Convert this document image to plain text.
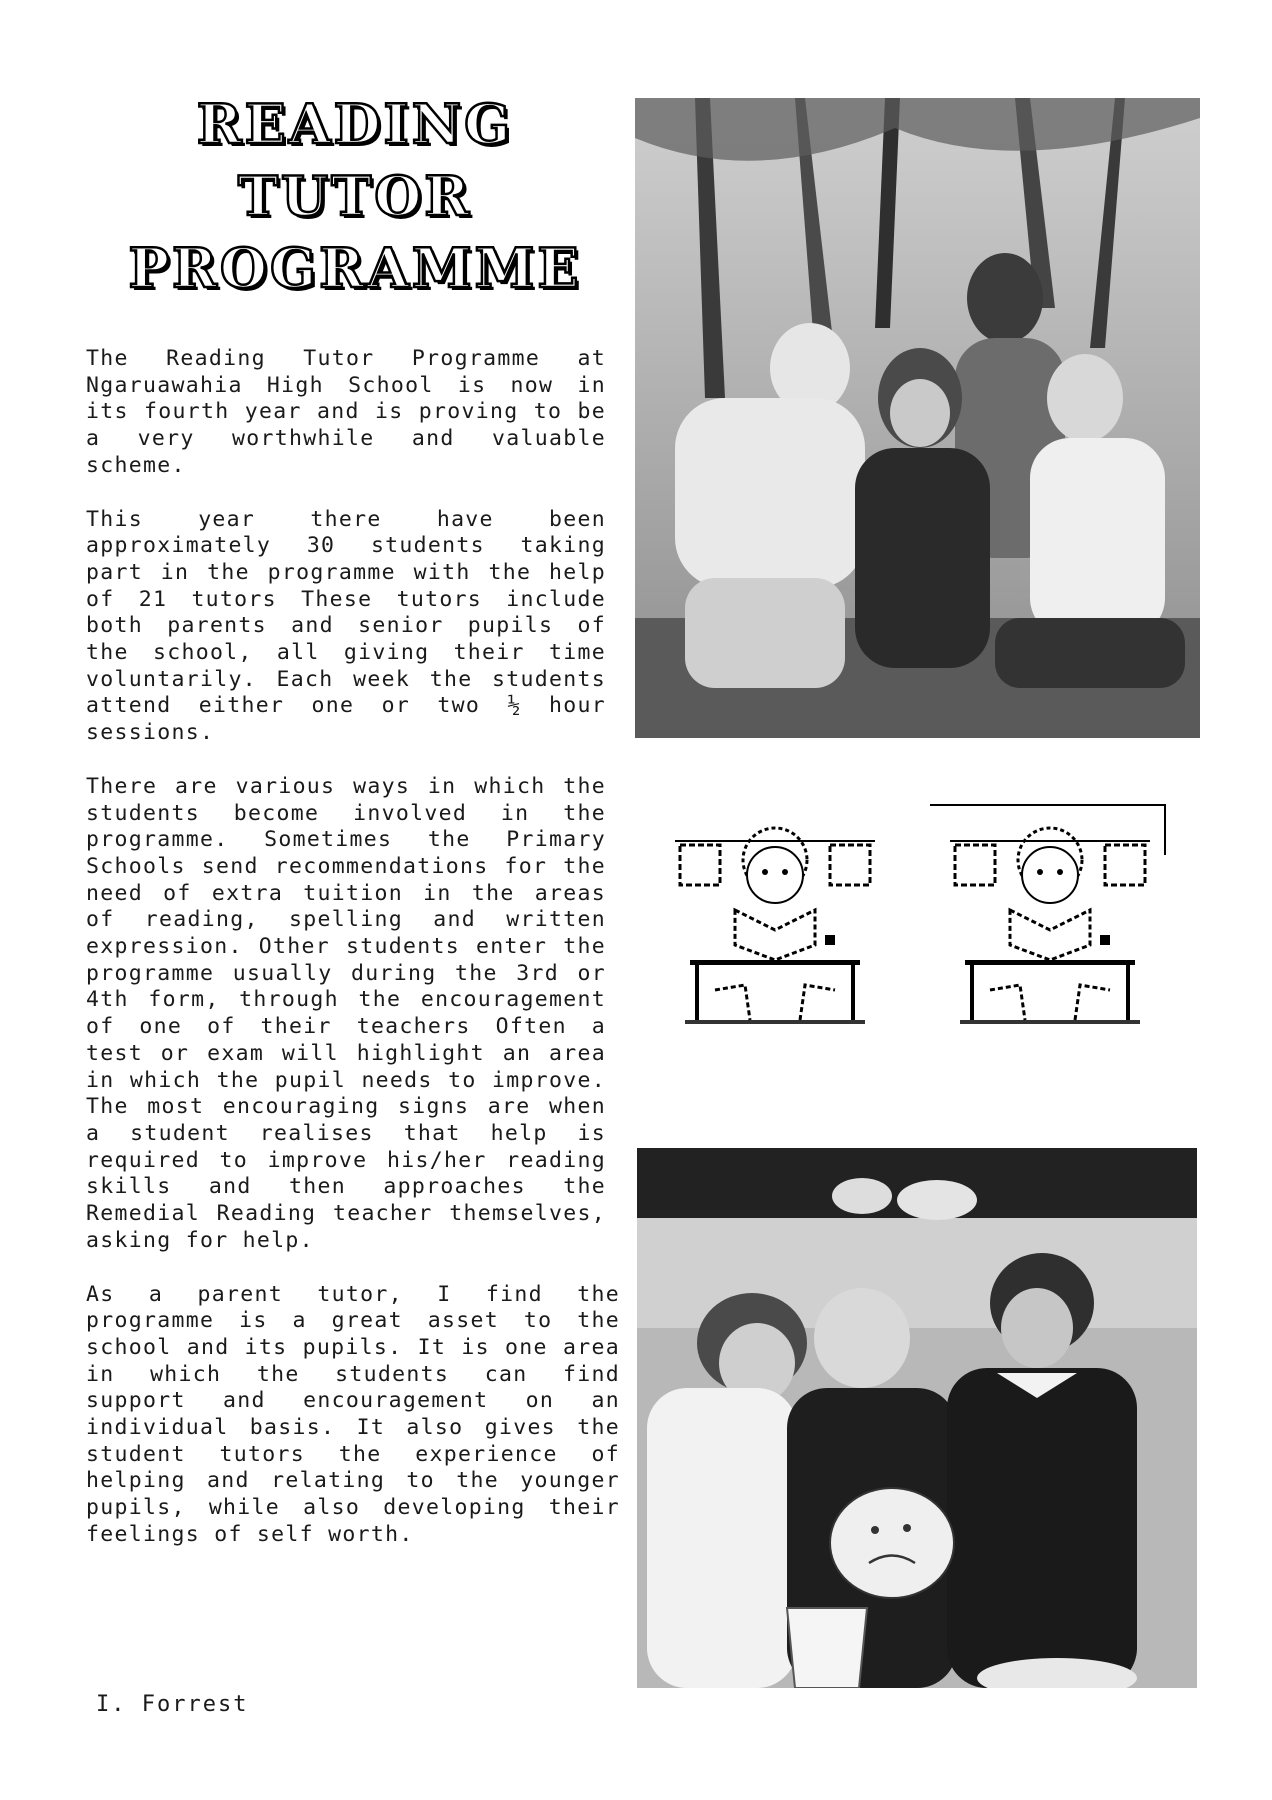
READING
TUTOR
PROGRAMME

The Reading Tutor Programme at Ngaruawahia High School is now in its fourth year and is proving to be a very worthwhile and valuable scheme.

This year there have been approximately 30 students taking part in the programme with the help of 21 tutors These tutors include both parents and senior pupils of the school, all giving their time voluntarily. Each week the students attend either one or two ½ hour sessions.

There are various ways in which the students become involved in the programme. Sometimes the Primary Schools send recommendations for the need of extra tuition in the areas of reading, spelling and written expression. Other students enter the programme usually during the 3rd or 4th form, through the encouragement of one of their teachers Often a test or exam will highlight an area in which the pupil needs to improve. The most encouraging signs are when a student realises that help is required to improve his/her reading skills and then approaches the Remedial Reading teacher themselves, asking for help.

As a parent tutor, I find the programme is a great asset to the school and its pupils. It is one area in which the students can find support and encouragement on an individual basis. It also gives the student tutors the experience of helping and relating to the younger pupils, while also developing their feelings of self worth.

I. Forrest
